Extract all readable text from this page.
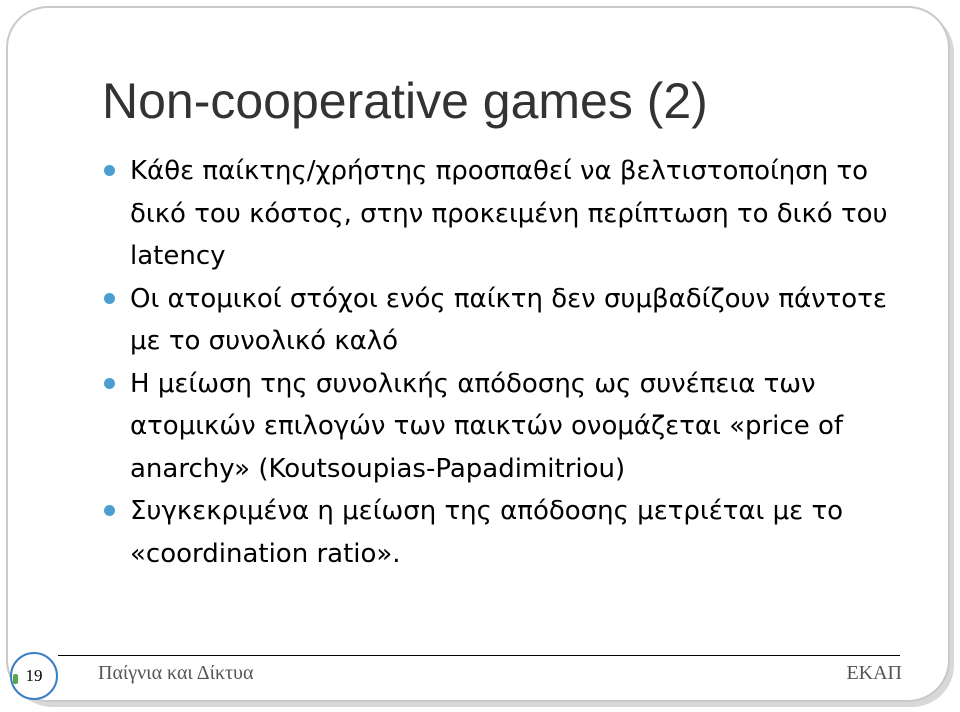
Non-cooperative games (2)
Κάθε παίκτης/χρήστης προσπαθεί να βελτιστοποίηση το δικό του κόστος, στην προκειμένη περίπτωση το δικό του latency
Οι ατομικοί στόχοι ενός παίκτη δεν συμβαδίζουν πάντοτε με το συνολικό καλό
Η μείωση της συνολικής απόδοσης ως συνέπεια των ατομικών επιλογών των παικτών ονομάζεται «price of anarchy» (Koutsoupias-Papadimitriou)
Συγκεκριμένα η μείωση της απόδοσης μετριέται με το «coordination ratio».
19	Παίγνια και Δίκτυα	ΕΚΑΠ
